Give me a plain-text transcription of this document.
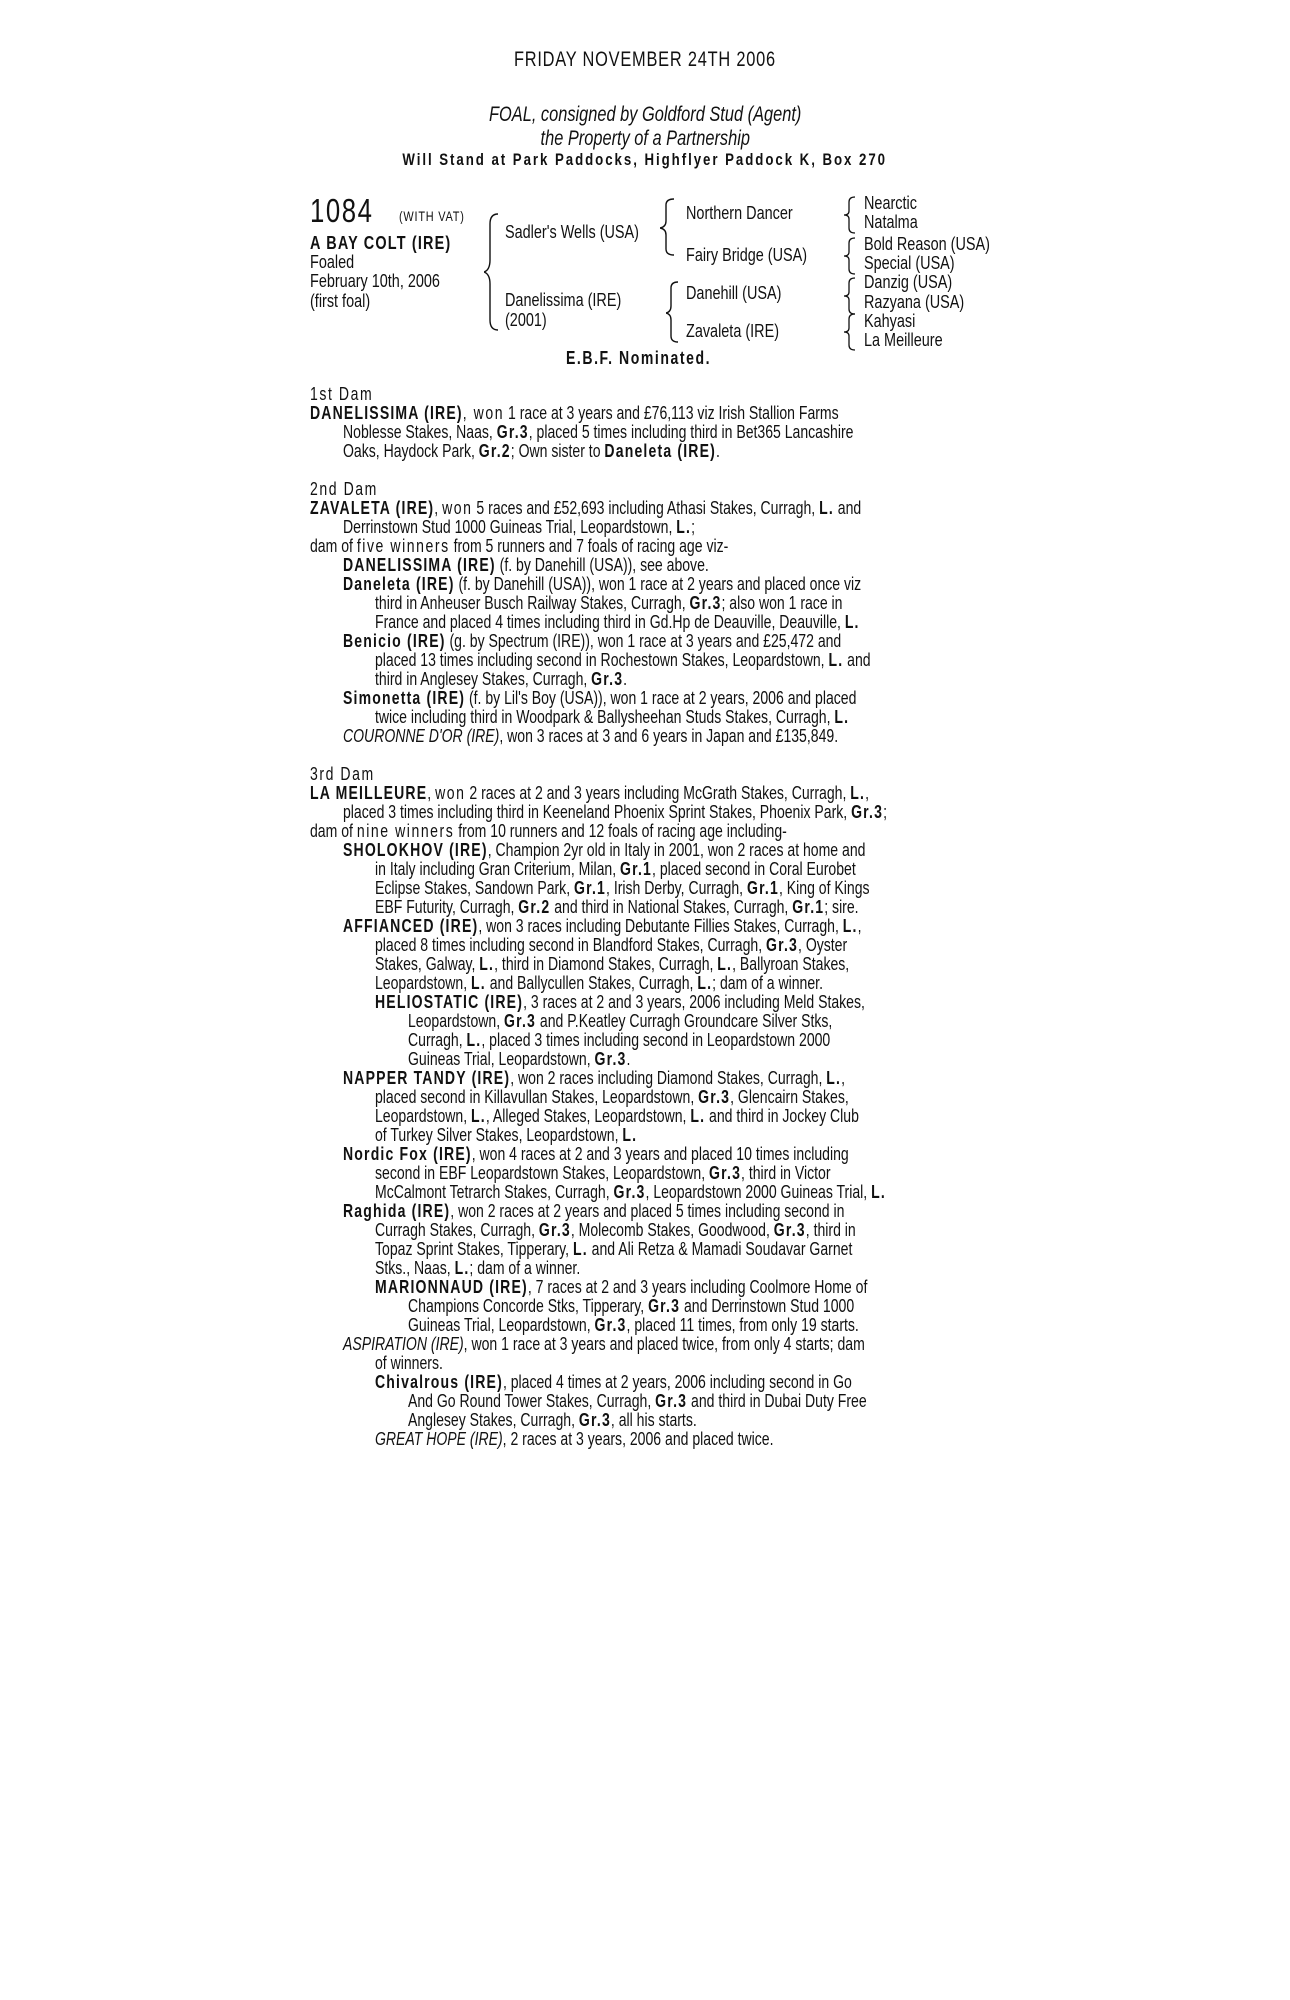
FRIDAY NOVEMBER 24TH 2006
FOAL, consigned by Goldford Stud (Agent)
the Property of a Partnership
Will Stand at Park Paddocks, Highflyer Paddock K, Box 270
1084	(WITH VAT)
A BAY COLT (IRE)
Foaled
February 10th, 2006
(first foal)
Sadler's Wells (USA)
Danelissima (IRE)
(2001)
Northern Dancer
Fairy Bridge (USA)
Danehill (USA)
Zavaleta (IRE)
Nearctic
Natalma
Bold Reason (USA)
Special (USA)
Danzig (USA)
Razyana (USA)
Kahyasi
La Meilleure
E.B.F. Nominated.
1st Dam
DANELISSIMA (IRE), won 1 race at 3 years and £76,113 viz Irish Stallion Farms
Noblesse Stakes, Naas, Gr.3, placed 5 times including third in Bet365 Lancashire
Oaks, Haydock Park, Gr.2; Own sister to Daneleta (IRE).
2nd Dam
ZAVALETA (IRE), won 5 races and £52,693 including Athasi Stakes, Curragh, L. and
Derrinstown Stud 1000 Guineas Trial, Leopardstown, L.;
dam of five winners from 5 runners and 7 foals of racing age viz-
DANELISSIMA (IRE) (f. by Danehill (USA)), see above.
Daneleta (IRE) (f. by Danehill (USA)), won 1 race at 2 years and placed once viz
third in Anheuser Busch Railway Stakes, Curragh, Gr.3; also won 1 race in
France and placed 4 times including third in Gd.Hp de Deauville, Deauville, L.
Benicio (IRE) (g. by Spectrum (IRE)), won 1 race at 3 years and £25,472 and
placed 13 times including second in Rochestown Stakes, Leopardstown, L. and
third in Anglesey Stakes, Curragh, Gr.3.
Simonetta (IRE) (f. by Lil's Boy (USA)), won 1 race at 2 years, 2006 and placed
twice including third in Woodpark & Ballysheehan Studs Stakes, Curragh, L.
COURONNE D'OR (IRE), won 3 races at 3 and 6 years in Japan and £135,849.
3rd Dam
LA MEILLEURE, won 2 races at 2 and 3 years including McGrath Stakes, Curragh, L.,
placed 3 times including third in Keeneland Phoenix Sprint Stakes, Phoenix Park, Gr.3;
dam of nine winners from 10 runners and 12 foals of racing age including-
SHOLOKHOV (IRE), Champion 2yr old in Italy in 2001, won 2 races at home and
in Italy including Gran Criterium, Milan, Gr.1, placed second in Coral Eurobet
Eclipse Stakes, Sandown Park, Gr.1, Irish Derby, Curragh, Gr.1, King of Kings
EBF Futurity, Curragh, Gr.2 and third in National Stakes, Curragh, Gr.1; sire.
AFFIANCED (IRE), won 3 races including Debutante Fillies Stakes, Curragh, L.,
placed 8 times including second in Blandford Stakes, Curragh, Gr.3, Oyster
Stakes, Galway, L., third in Diamond Stakes, Curragh, L., Ballyroan Stakes,
Leopardstown, L. and Ballycullen Stakes, Curragh, L.; dam of a winner.
HELIOSTATIC (IRE), 3 races at 2 and 3 years, 2006 including Meld Stakes,
Leopardstown, Gr.3 and P.Keatley Curragh Groundcare Silver Stks,
Curragh, L., placed 3 times including second in Leopardstown 2000
Guineas Trial, Leopardstown, Gr.3.
NAPPER TANDY (IRE), won 2 races including Diamond Stakes, Curragh, L.,
placed second in Killavullan Stakes, Leopardstown, Gr.3, Glencairn Stakes,
Leopardstown, L., Alleged Stakes, Leopardstown, L. and third in Jockey Club
of Turkey Silver Stakes, Leopardstown, L.
Nordic Fox (IRE), won 4 races at 2 and 3 years and placed 10 times including
second in EBF Leopardstown Stakes, Leopardstown, Gr.3, third in Victor
McCalmont Tetrarch Stakes, Curragh, Gr.3, Leopardstown 2000 Guineas Trial, L.
Raghida (IRE), won 2 races at 2 years and placed 5 times including second in
Curragh Stakes, Curragh, Gr.3, Molecomb Stakes, Goodwood, Gr.3, third in
Topaz Sprint Stakes, Tipperary, L. and Ali Retza & Mamadi Soudavar Garnet
Stks., Naas, L.; dam of a winner.
MARIONNAUD (IRE), 7 races at 2 and 3 years including Coolmore Home of
Champions Concorde Stks, Tipperary, Gr.3 and Derrinstown Stud 1000
Guineas Trial, Leopardstown, Gr.3, placed 11 times, from only 19 starts.
ASPIRATION (IRE), won 1 race at 3 years and placed twice, from only 4 starts; dam
of winners.
Chivalrous (IRE), placed 4 times at 2 years, 2006 including second in Go
And Go Round Tower Stakes, Curragh, Gr.3 and third in Dubai Duty Free
Anglesey Stakes, Curragh, Gr.3, all his starts.
GREAT HOPE (IRE), 2 races at 3 years, 2006 and placed twice.
